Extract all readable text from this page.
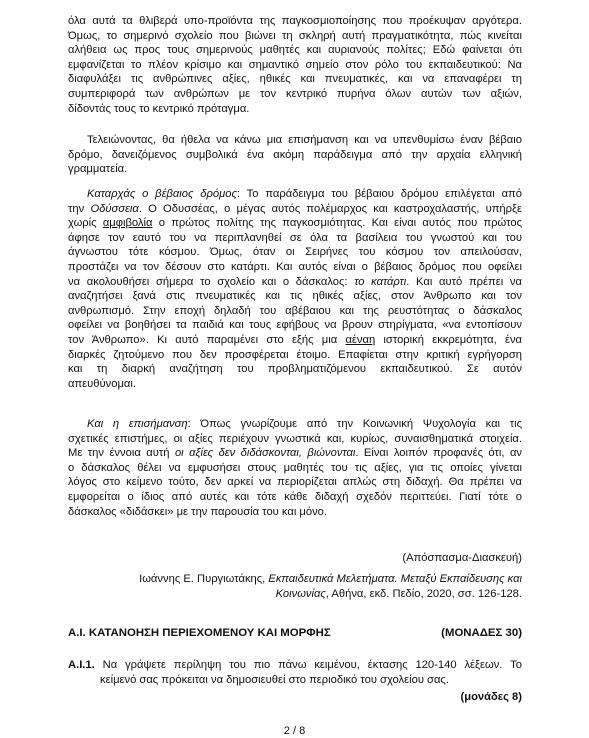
όλα αυτά τα θλιβερά υπο-προϊόντα της παγκοσμιοποίησης που προέκυψαν αργότερα.
Όμως, το σημερινό σχολείο που βιώνει τη σκληρή αυτή πραγματικότητα, πώς κινείται
αλήθεια ως προς τους σημερινούς μαθητές και αυριανούς πολίτες; Εδώ φαίνεται ότι
εμφανίζεται το πλέον κρίσιμο και σημαντικό σημείο στον ρόλο του εκπαιδευτικού: Να
διαφυλάξει τις ανθρώπινες αξίες, ηθικές και πνευματικές, και να επαναφέρει τη
συμπεριφορά των ανθρώπων με τον κεντρικό πυρήνα όλων αυτών των αξιών,
δίδοντάς τους το κεντρικό πρόταγμα.
Τελειώνοντας, θα ήθελα να κάνω μια επισήμανση και να υπενθυμίσω έναν βέβαιο
δρόμο, δανειζόμενος συμβολικά ένα ακόμη παράδειγμα από την αρχαία ελληνική
γραμματεία.
Καταρχάς ο βέβαιος δρόμος: Το παράδειγμα του βέβαιου δρόμου επιλέγεται από
την Οδύσσεια. Ο Οδυσσέας, ο μέγας αυτός πολέμαρχος και καστροχαλαστής, υπήρξε
χωρίς αμφιβολία ο πρώτος πολίτης της παγκοσμιότητας. Και είναι αυτός που πρώτος
άφησε τον εαυτό του να περιπλανηθεί σε όλα τα βασίλεια του γνωστού και του
άγνωστου τότε κόσμου. Όμως, όταν οι Σειρήνες του κόσμου τον απειλούσαν,
προστάζει να τον δέσουν στο κατάρτι. Και αυτός είναι ο βέβαιος δρόμος που οφείλει
να ακολουθήσει σήμερα το σχολείο και ο δάσκαλος: το κατάρτι. Και αυτό πρέπει να
αναζητήσει ξανά στις πνευματικές και τις ηθικές αξίες, στον Άνθρωπο και τον
ανθρωπισμό. Στην εποχή δηλαδή του αβέβαιου και της ρευστότητας ο δάσκαλος
οφείλει να βοηθήσει τα παιδιά και τους εφήβους να βρουν στηρίγματα, «να εντοπίσουν
τον Άνθρωπο». Κι αυτό παραμένει στο εξής μια αέναη ιστορική εκκρεμότητα, ένα
διαρκές ζητούμενο που δεν προσφέρεται έτοιμο. Επαφίεται στην κριτική εγρήγορση
και τη διαρκή αναζήτηση του προβληματιζόμενου εκπαιδευτικού. Σε αυτόν
απευθύνομαι.
Και η επισήμανση: Όπως γνωρίζουμε από την Κοινωνική Ψυχολογία και τις
σχετικές επιστήμες, οι αξίες περιέχουν γνωστικά και, κυρίως, συναισθηματικά στοιχεία.
Με την έννοια αυτή οι αξίες δεν διδάσκονται, βιώνονται. Είναι λοιπόν προφανές ότι, αν
ο δάσκαλος θέλει να εμφυσήσει στους μαθητές του τις αξίες, για τις οποίες γίνεται
λόγος στο κείμενο τούτο, δεν αρκεί να περιορίζεται απλώς στη διδαχή. Θα πρέπει να
εμφορείται ο ίδιος από αυτές και τότε κάθε διδαχή σχεδόν περιττεύει. Γιατί τότε ο
δάσκαλος «διδάσκει» με την παρουσία του και μόνο.
(Απόσπασμα-Διασκευή)
Ιωάννης Ε. Πυργιωτάκης, Εκπαιδευτικά Μελετήματα. Μεταξύ Εκπαίδευσης και
Κοινωνίας, Αθήνα, εκδ. Πεδίο, 2020, σσ. 126-128.
Α.Ι. ΚΑΤΑΝΟΗΣΗ ΠΕΡΙΕΧΟΜΕΝΟΥ ΚΑΙ ΜΟΡΦΗΣ	(ΜΟΝΑΔΕΣ 30)
Α.Ι.1. Να γράψετε περίληψη του πιο πάνω κειμένου, έκτασης 120-140 λέξεων. Το
κείμενό σας πρόκειται να δημοσιευθεί στο περιοδικό του σχολείου σας.
(μονάδες 8)
2 / 8
